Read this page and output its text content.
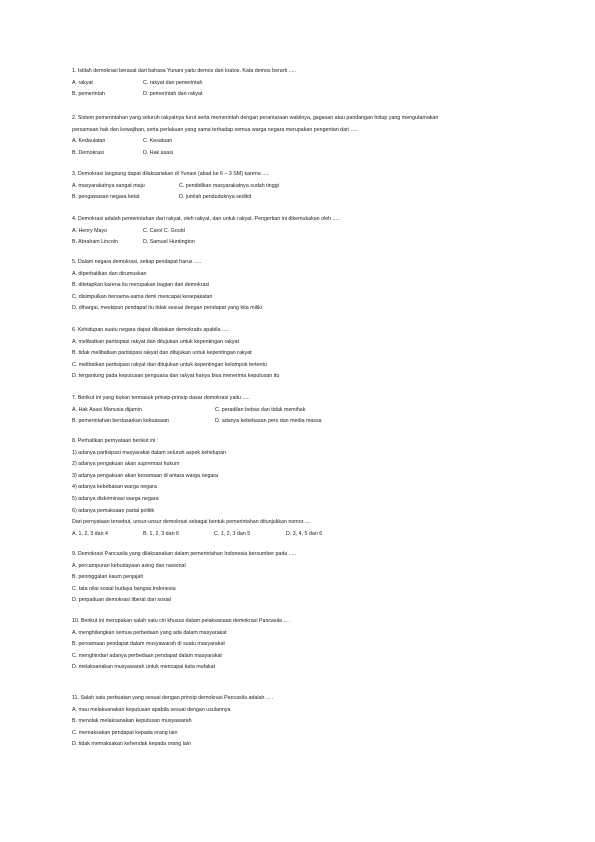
1. Istilah demokrasi berasal dari bahasa Yunani yaitu demos dan kratos. Kata demos berarti .....
A. rakyat	C. rakyat dan pemerintah
B. pemerintah	D. pemerintah dan rakyat
2. Sistem pemerintahan yang seluruh rakyatnya turut serta memerintah dengan perantaraan wakilnya, gagasan atau pandangan hidup yang mengutamakan
persamaan hak dan kewajiban, serta perlakuan yang sama terhadap semua warga negara merupakan pengertian dari .....
A. Kedaulatan	C. Kesatuan
B. Demokrasi	D. Hak asasi
3. Demokrasi langsung dapat dilaksanakan di Yunani (abad ke 6 – 3 SM) karena .....
A. masyarakatnya sangat maju	C. pendidikan masyarakatnya sudah tinggi
B. pengawasan negara ketat	D. jumlah penduduknya sedikit
4. Demokrasi adalah pemerintahan dari rakyat, oleh rakyat, dan untuk rakyat. Pengertian ini dikemukakan oleh .....
A. Henry Mayo	C. Carol C. Gould
B. Abraham Lincoln	D. Samuel Huntington
5. Dalam negara demokrasi, setiap pendapat harus .....
A. diperhatikan dan dirumuskan
B. ditetapkan karena itu merupakan bagian dari demokrasi
C. disimpulkan bersama-sama demi mencapai kesepakatan
D. dihargai, meskipun pendapat itu tidak sesuai dengan pendapat yang kita miliki
6. Kehidupan suatu negara dapat dikatakan demokratis apabila .....
A. melibatkan partisipasi rakyat dan ditujukan untuk kepentingan rakyat
B. tidak melibatkan partisipasi rakyat dan ditujukan untuk kepentingan rakyat
C. melibatkan partisipasi rakyat dan ditujukan untuk kepentingan kelompok tertentu
D. tergantung pada keputusan penguasa dan rakyat hanya bisa menerima keputusan itu
7. Berikut ini yang bukan termasuk prinsip-prinsip dasar demokrasi yaitu .....
A. Hak Asasi Manusia dijamin	C. peradilan bebas dan tidak memihak
B. pemerintahan berdasarkan kekuasaan	D. adanya kebebasan pers dan media massa
8. Perhatikan pernyataan berikut ini :
1) adanya partisipasi masyarakat dalam seluruh aspek kehidupan
2) adanya pengakuan akan supremasi hukum
3) adanya pengakuan akan kesamaan di antara warga negara
4) adanya kebebasan warga negara
5) adanya diskriminasi warga negara
6) adanya pemaksaan partai politik
Dari pernyataan tersebut, unsur-unsur demokrasi sebagai bentuk pemerintahan ditunjukkan nomor.....
A. 1, 2, 3 dan 4	B. 1, 2, 3 dan 6	C. 1, 2, 3 dan 5	D. 3, 4, 5 dan 6
9. Demokrasi Pancasila yang dilaksanakan dalam pemerintahan Indonesia bersumber pada .....
A. percampuran kebudayaan asing dan nasional
B. peninggalan kaum penjajah
C. tata nilai sosial budaya bangsa Indonesia
D. perpaduan demokrasi liberal dan sosial
10. Berikut ini merupakan salah satu ciri khusus dalam pelaksanaan demokrasi Pancasila ... .
A. menghilangkan semua perbedaan yang ada dalam masyarakat
B. persamaan pendapat dalam musyawarah di suatu masyarakat
C. menghindari adanya perbedaan pendapat dalam masyarakat
D. melaksanakan musyawarah untuk mencapai kata mufakat
11. Salah satu perbuatan yang sesuai dengan prinsip demokrasi Pancasila adalah ... .
A. mau melaksanakan keputusan apabila sesuai dengan usulannya
B. menolak melaksanakan keputusan musyawarah
C. memaksakan pendapat kepada orang lain
D. tidak memaksakan kehendak kepada orang lain
